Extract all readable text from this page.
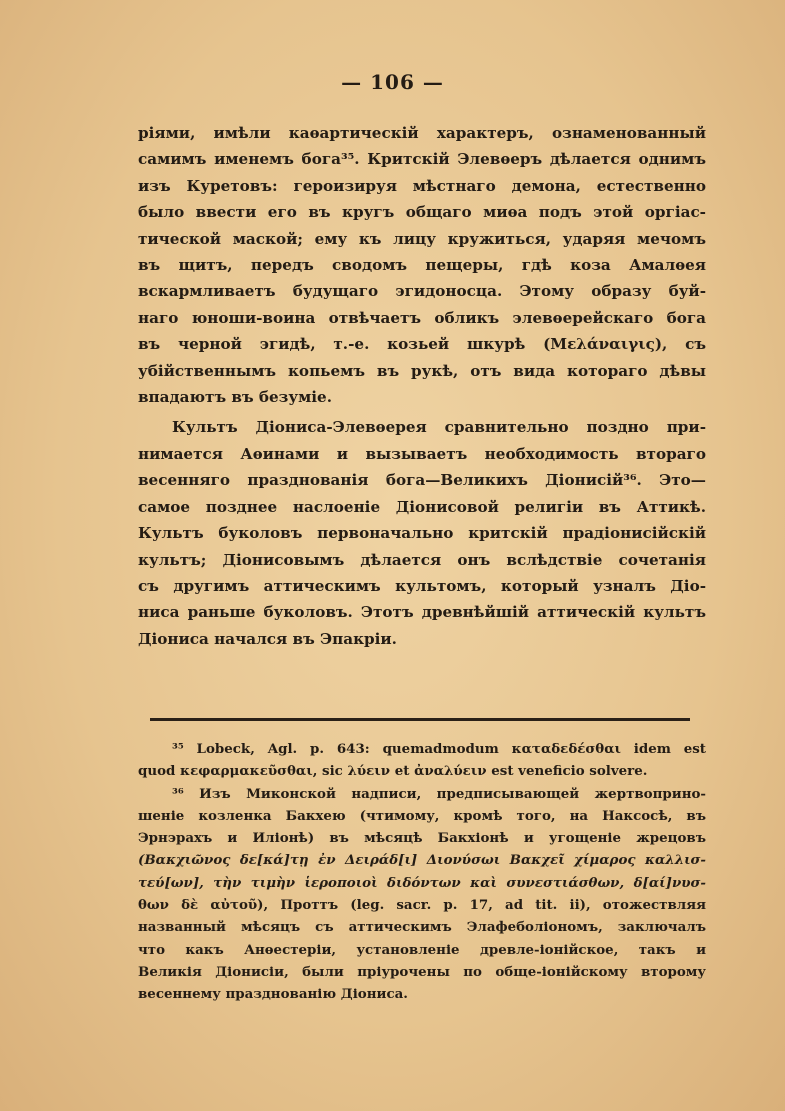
— 106 —
ріями, имѣли каѳартическій характеръ, ознаменованный
самимъ именемъ бога³⁵. Критскій Элевѳеръ дѣлается однимъ
изъ Куретовъ: героизируя мѣстнаго демона, естественно
было ввести его въ кругъ общаго миѳа подъ этой оргіас-
тической маской; ему къ лицу кружиться, ударяя мечомъ
въ щитъ, передъ сводомъ пещеры, гдѣ коза Амалѳея
вскармливаетъ будущаго эгидоносца. Этому образу буй-
наго юноши-воина отвѣчаетъ обликъ элевѳерейскаго бога
въ черной эгидѣ, т.-е. козьей шкурѣ (Μελάναιγις), съ
убійственнымъ копьемъ въ рукѣ, отъ вида котораго дѣвы
впадаютъ въ безуміе.
Культъ Діониса-Элевѳерея сравнительно поздно при-
нимается Аѳинами и вызываетъ необходимость втораго
весенняго празднованія бога—Великихъ Діонисій³⁶. Это—
самое позднее наслоеніе Діонисовой религіи въ Аттикѣ.
Культъ буколовъ первоначально критскій прадіонисійскій
культъ; Діонисовымъ дѣлается онъ вслѣдствіе сочетанія
съ другимъ аттическимъ культомъ, который узналъ Діо-
ниса раньше буколовъ. Этотъ древнѣйшій аттическій культъ
Діониса начался въ Эпакріи.
³⁵ Lobeck, Agl. p. 643: quemadmodum καταδεδέσθαι idem est
quod κεφαρμακεῦσθαι, sic λύειν et ἀναλύειν est veneficio solvere.
³⁶ Изъ Миконской надписи, предписывающей жертвоприно-
шеніе козленка Бакхею (чтимому, кромѣ того, на Наксосѣ, въ
Эрнэрахъ и Иліонѣ) въ мѣсяцѣ Бакхіонѣ и угощеніе жрецовъ
(Βακχιῶνος δε[κά]τῃ ἐν Δειράδ[ι] Διονύσωι Βακχεῖ χίμαρος καλλισ-
τεύ[ων], τὴν τιμὴν ἱεροποιοὶ διδόντων καὶ συνεστιάσθων, δ[αί]νυσ-
θων δὲ αὐτοῦ), Проттъ (leg. sacr. p. 17, ad tit. ii), отожествляя
названный мѣсяцъ съ аттическимъ Элафеболіономъ, заключалъ
что какъ Анѳестеріи, установленіе древле-іонійское, такъ и
Великія Діонисіи, были пріурочены по обще-іонійскому второму
весеннему празднованію Діониса.
